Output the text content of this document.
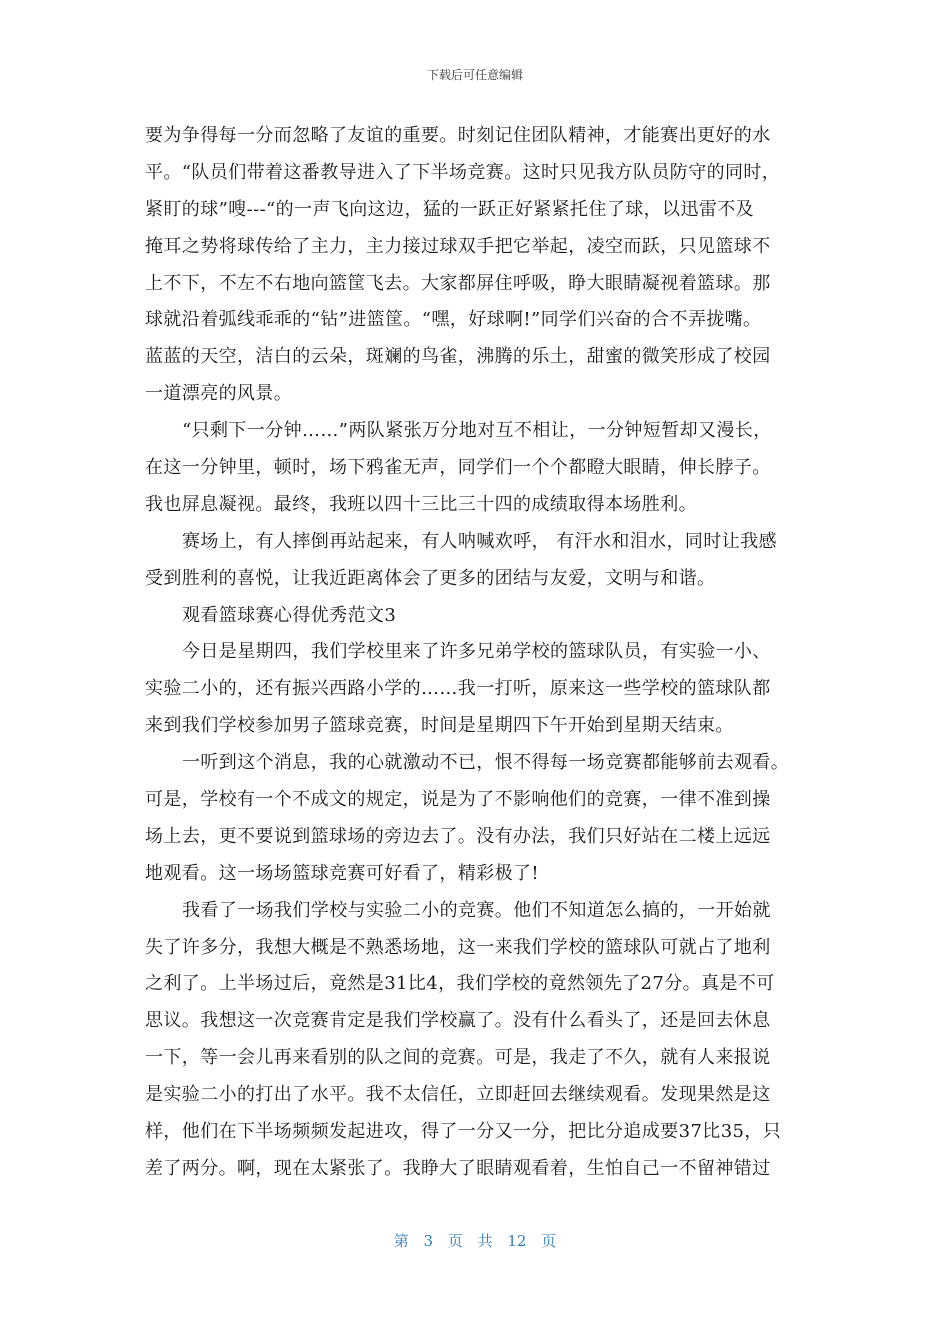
下载后可任意编辑
要为争得每一分而忽略了友谊的重要。时刻记住团队精神，才能赛出更好的水
平。“队员们带着这番教导进入了下半场竞赛。这时只见我方队员防守的同时，
紧盯的球”嗖---“的一声飞向这边，猛的一跃正好紧紧托住了球，以迅雷不及
掩耳之势将球传给了主力，主力接过球双手把它举起，凌空而跃，只见篮球不
上不下，不左不右地向篮筐飞去。大家都屏住呼吸，睁大眼睛凝视着篮球。那
球就沿着弧线乖乖的“钻”进篮筐。“嘿，好球啊!”同学们兴奋的合不弄拢嘴。
蓝蓝的天空，洁白的云朵，斑斓的鸟雀，沸腾的乐土，甜蜜的微笑形成了校园
一道漂亮的风景。
“只剩下一分钟……”两队紧张万分地对互不相让，一分钟短暂却又漫长，
在这一分钟里，顿时，场下鸦雀无声，同学们一个个都瞪大眼睛，伸长脖子。
我也屏息凝视。最终，我班以四十三比三十四的成绩取得本场胜利。
赛场上，有人摔倒再站起来，有人呐喊欢呼， 有汗水和泪水，同时让我感
受到胜利的喜悦，让我近距离体会了更多的团结与友爱，文明与和谐。
观看篮球赛心得优秀范文3
今日是星期四，我们学校里来了许多兄弟学校的篮球队员，有实验一小、
实验二小的，还有振兴西路小学的……我一打听，原来这一些学校的篮球队都
来到我们学校参加男子篮球竞赛，时间是星期四下午开始到星期天结束。
一听到这个消息，我的心就激动不已，恨不得每一场竞赛都能够前去观看。
可是，学校有一个不成文的规定，说是为了不影响他们的竞赛，一律不准到操
场上去，更不要说到篮球场的旁边去了。没有办法，我们只好站在二楼上远远
地观看。这一场场篮球竞赛可好看了，精彩极了!
我看了一场我们学校与实验二小的竞赛。他们不知道怎么搞的，一开始就
失了许多分，我想大概是不熟悉场地，这一来我们学校的篮球队可就占了地利
之利了。上半场过后，竟然是31比4，我们学校的竟然领先了27分。真是不可
思议。我想这一次竞赛肯定是我们学校赢了。没有什么看头了，还是回去休息
一下，等一会儿再来看别的队之间的竞赛。可是，我走了不久，就有人来报说
是实验二小的打出了水平。我不太信任，立即赶回去继续观看。发现果然是这
样，他们在下半场频频发起进攻，得了一分又一分，把比分追成要37比35，只
差了两分。啊，现在太紧张了。我睁大了眼睛观看着，生怕自己一不留神错过
第 3 页 共 12 页
